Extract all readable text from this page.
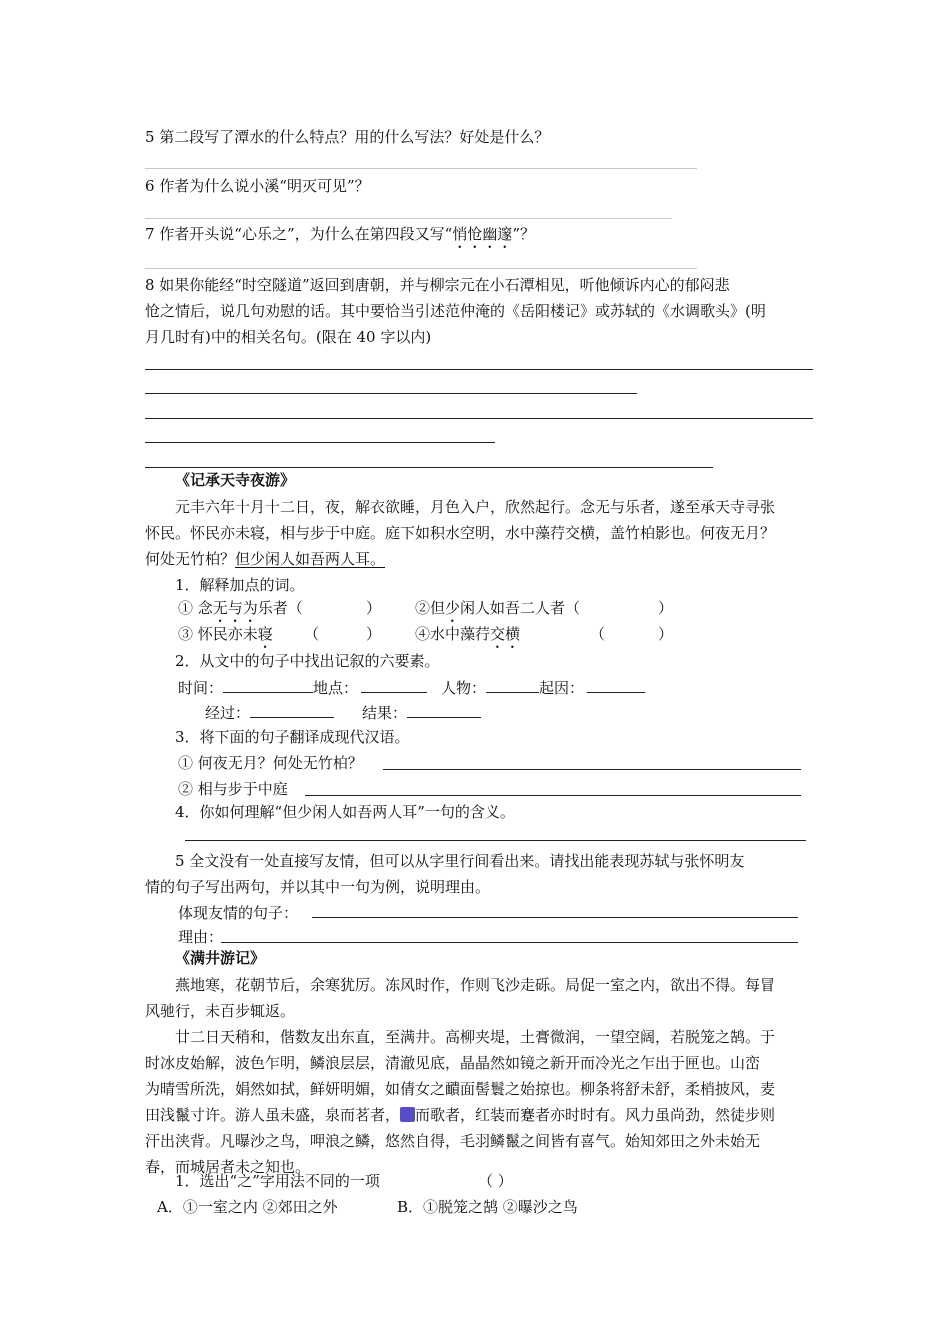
5 第二段写了潭水的什么特点？用的什么写法？好处是什么？
6 作者为什么说小溪“明灭可见”？
7 作者开头说“心乐之”，为什么在第四段又写“悄怆幽邃”？
8 如果你能经“时空隧道”返回到唐朝，并与柳宗元在小石潭相见，听他倾诉内心的郁闷悲
怆之情后，说几句劝慰的话。其中要恰当引述范仲淹的《岳阳楼记》或苏轼的《水调歌头》(明
月几时有)中的相关名句。(限在 40 字以内)
《记承天寺夜游》
元丰六年十月十二日，夜，解衣欲睡，月色入户，欣然起行。念无与乐者，遂至承天寺寻张
怀民。怀民亦未寝，相与步于中庭。庭下如积水空明，水中藻荇交横，盖竹柏影也。何夜无月？
何处无竹柏？但少闲人如吾两人耳。
1．解释加点的词。
① 念无与为乐者（	） ②但少闲人如吾二人者（	）
③ 怀民亦未寝 （	） ④水中藻荇交横	（	）
2．从文中的句子中找出记叙的六要素。
时间：	地点：	人物：	起因：
经过：	结果：
3．将下面的句子翻译成现代汉语。
① 何夜无月？何处无竹柏？
② 相与步于中庭
4．你如何理解“但少闲人如吾两人耳”一句的含义。
5 全文没有一处直接写友情，但可以从字里行间看出来。请找出能表现苏轼与张怀明友
情的句子写出两句，并以其中一句为例，说明理由。
体现友情的句子：
理由：
《满井游记》
燕地寒，花朝节后，余寒犹厉。冻风时作，作则飞沙走砾。局促一室之内，欲出不得。每冒
风驰行，未百步辄返。
廿二日天稍和，偕数友出东直，至满井。高柳夹堤，土膏微润，一望空阔，若脱笼之鹄。于
时冰皮始解，波色乍明，鳞浪层层，清澈见底，晶晶然如镜之新开而冷光之乍出于匣也。山峦
为晴雪所洗，娟然如拭，鲜妍明媚，如倩女之靧面髻鬟之始掠也。柳条将舒未舒，柔梢披风，麦
田浅鬣寸许。游人虽未盛，泉而茗者， 而歌者，红装而蹇者亦时时有。风力虽尚劲，然徒步则
汗出浃背。凡曝沙之鸟，呷浪之鳞，悠然自得，毛羽鳞鬣之间皆有喜气。始知郊田之外未始无
春，而城居者未之知也。
1．选出“之”字用法不同的一项	（ ）
A．①一室之内 ②郊田之外	B．①脱笼之鹄 ②曝沙之鸟
